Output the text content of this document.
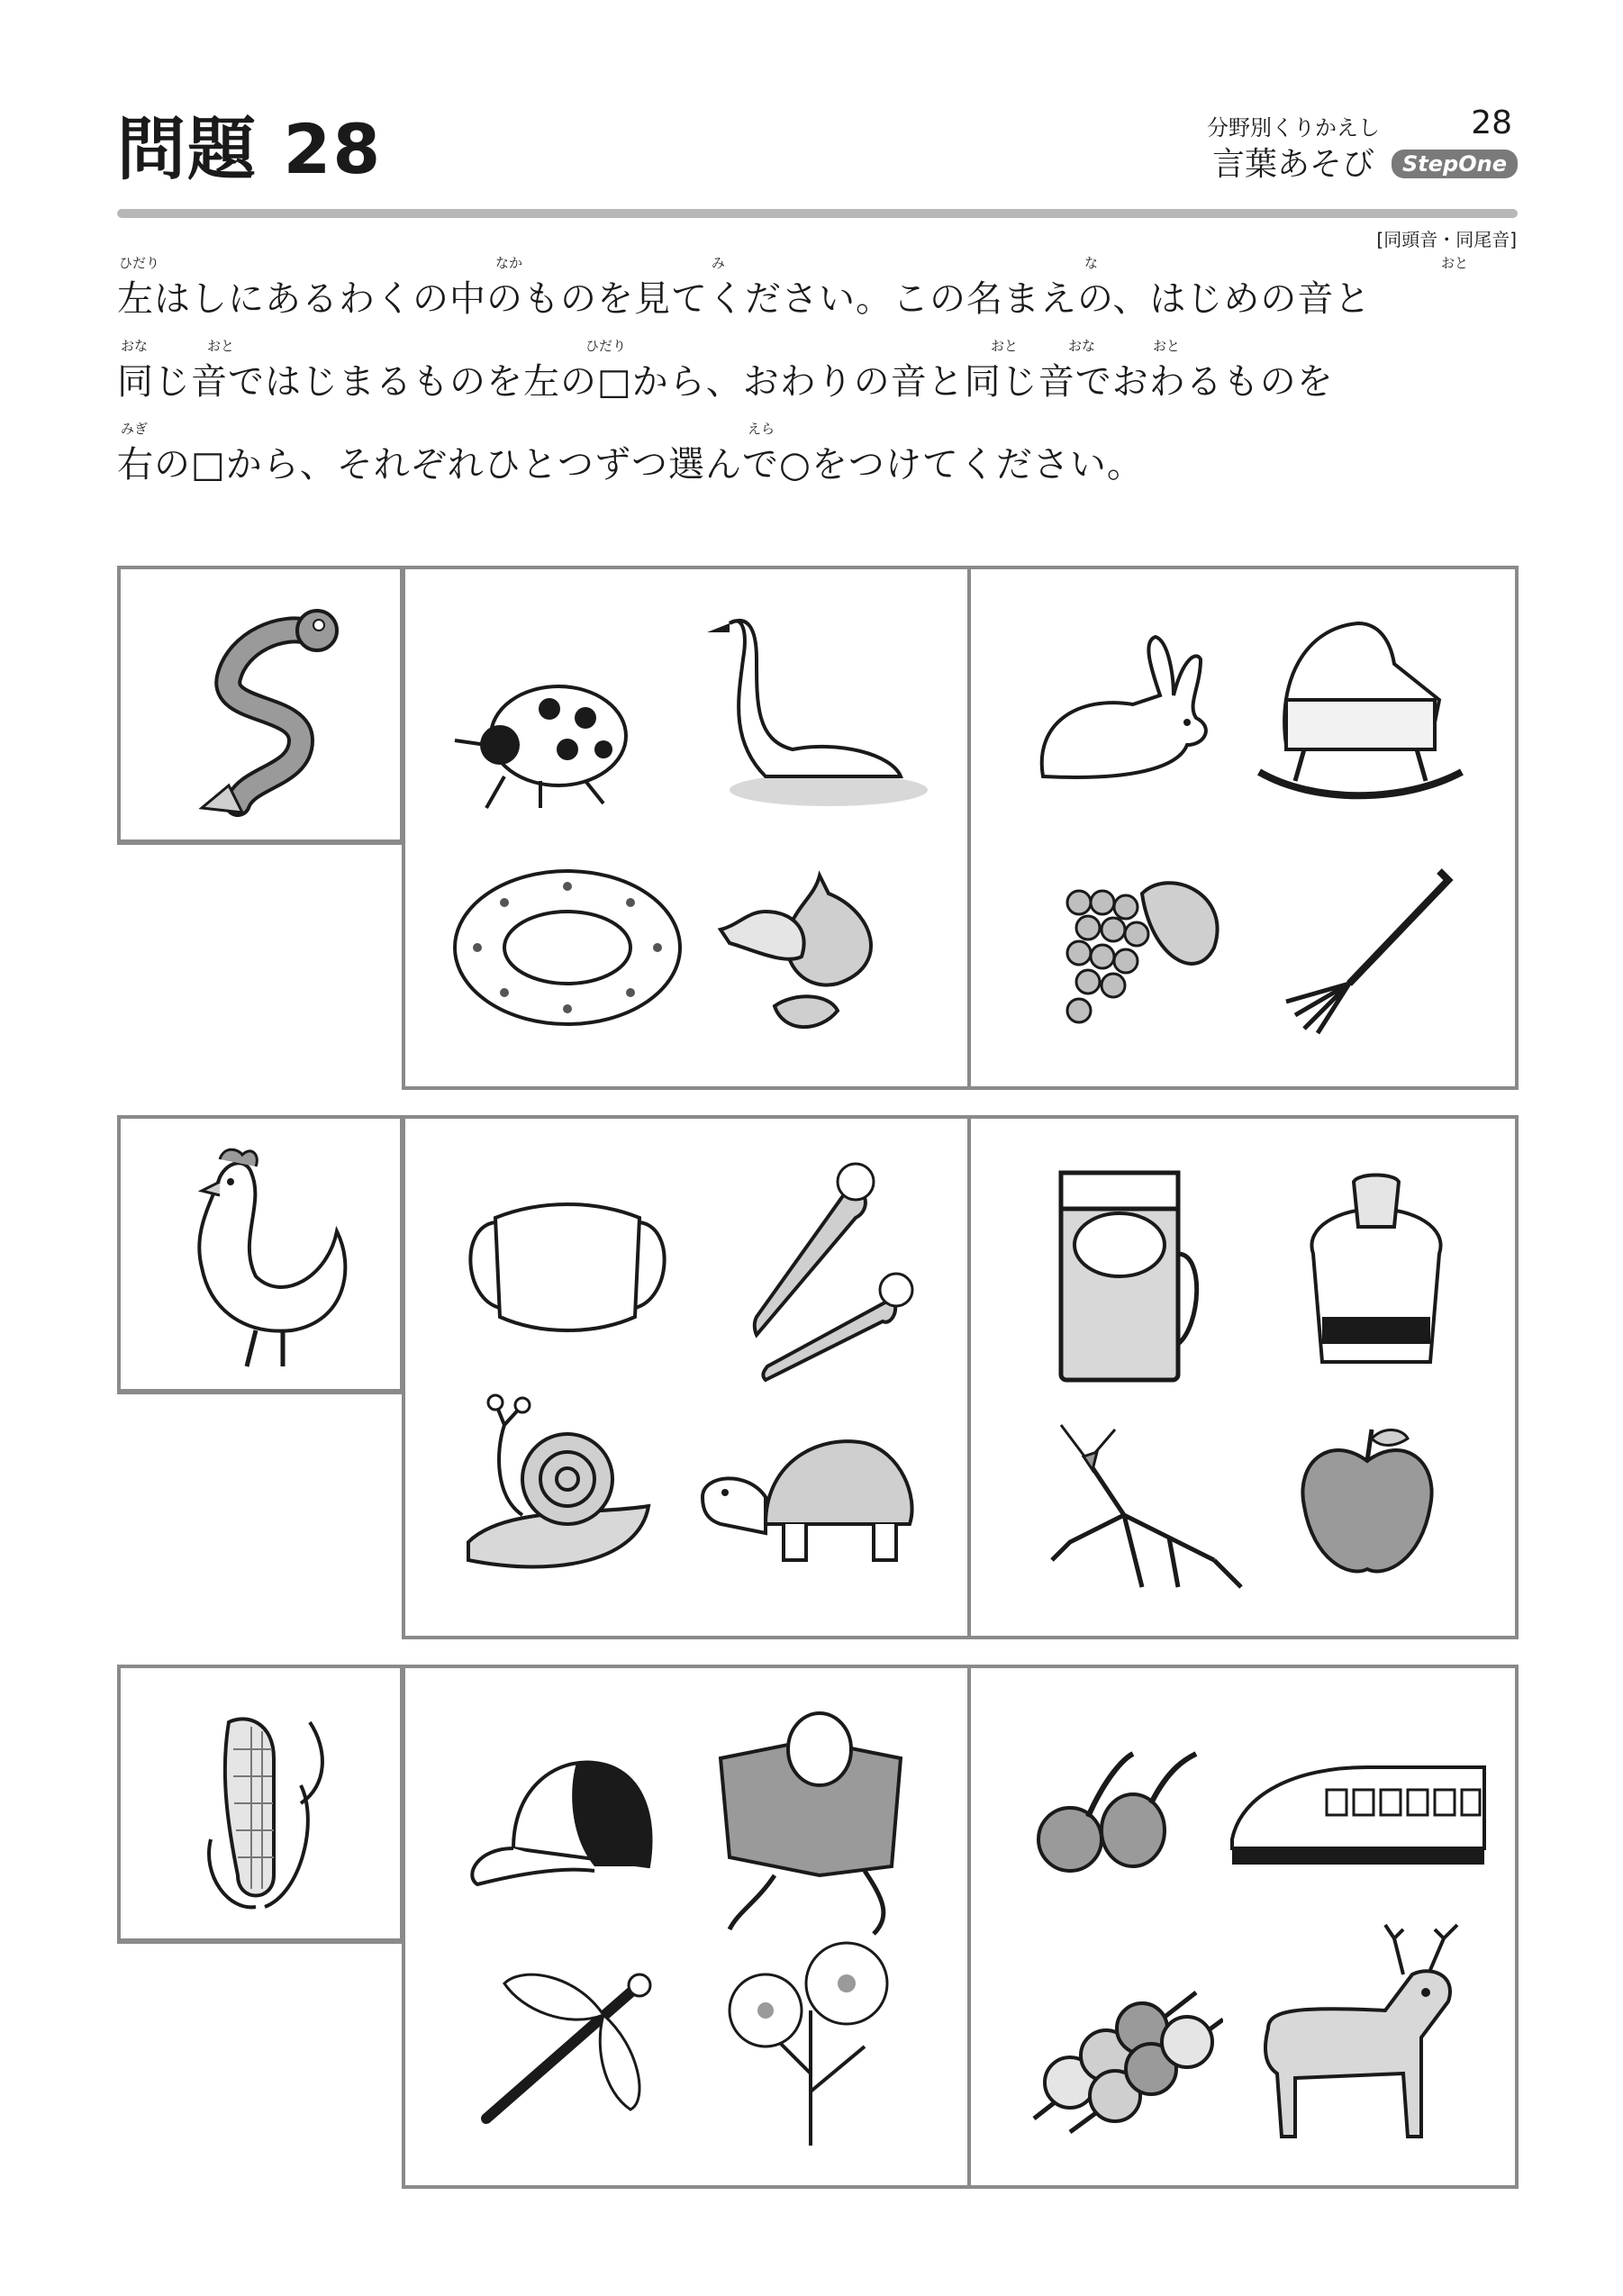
問題 28	分野別くりかえし	28
言葉あそび	StepOne
[同頭音・同尾音]
ひだり	なか	み	な	おと

左はしにあるわくの中のものを見てください。この名まえの、はじめの音と

おな	おと	ひだり	おと	おな	おと

同じ音ではじまるものを左の□から、おわりの音と同じ音でおわるものを

みぎ	えら

右の□から、それぞれひとつずつ選んで○をつけてください。
